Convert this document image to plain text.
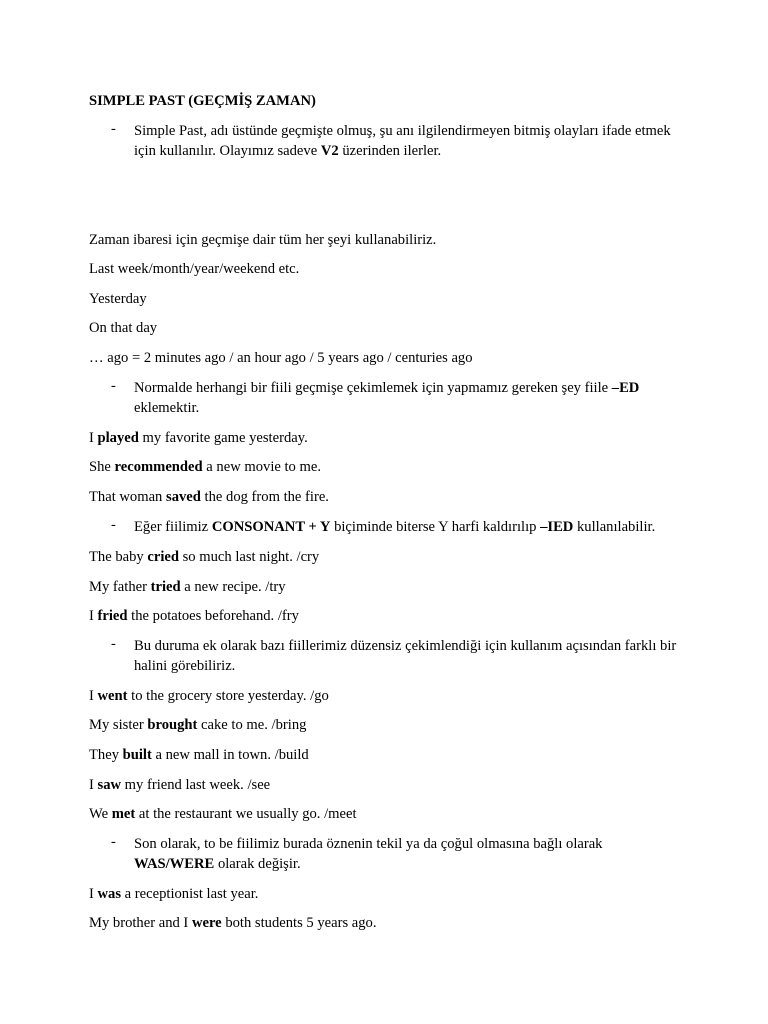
SIMPLE PAST (GEÇMİŞ ZAMAN)
- Simple Past, adı üstünde geçmişte olmuş, şu anı ilgilendirmeyen bitmiş olayları ifade etmek için kullanılır. Olayımız sadeve V2 üzerinden ilerler.
Zaman ibaresi için geçmişe dair tüm her şeyi kullanabiliriz.
Last week/month/year/weekend etc.
Yesterday
On that day
… ago = 2 minutes ago / an hour ago / 5 years ago / centuries ago
- Normalde herhangi bir fiili geçmişe çekimlemek için yapmamız gereken şey fiile –ED eklemektir.
I played my favorite game yesterday.
She recommended a new movie to me.
That woman saved the dog from the fire.
- Eğer fiilimiz CONSONANT + Y biçiminde biterse Y harfi kaldırılıp –IED kullanılabilir.
The baby cried so much last night. /cry
My father tried a new recipe. /try
I fried the potatoes beforehand. /fry
- Bu duruma ek olarak bazı fiillerimiz düzensiz çekimlendiği için kullanım açısından farklı bir halini görebiliriz.
I went to the grocery store yesterday. /go
My sister brought cake to me. /bring
They built a new mall in town. /build
I saw my friend last week. /see
We met at the restaurant we usually go. /meet
- Son olarak, to be fiilimiz burada öznenin tekil ya da çoğul olmasına bağlı olarak WAS/WERE olarak değişir.
I was a receptionist last year.
My brother and I were both students 5 years ago.
